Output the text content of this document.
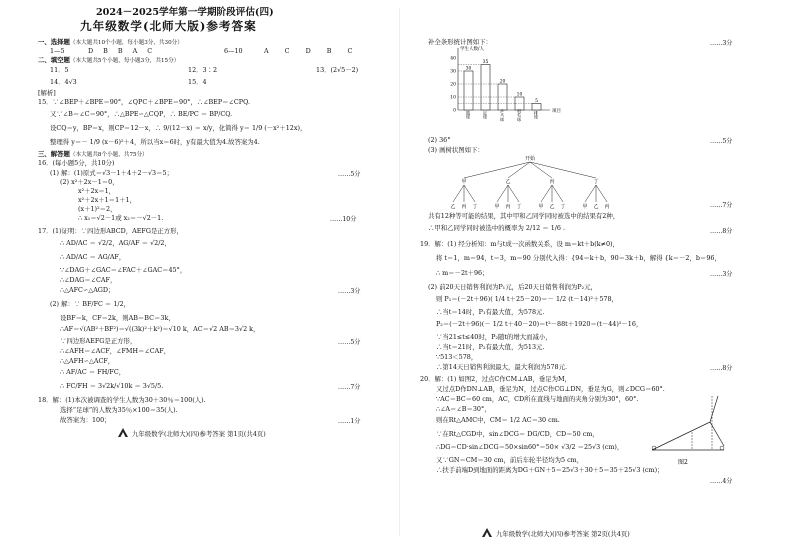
2024－2025学年第一学期阶段评估(四)
九年级数学(北师大版)参考答案
一、选择题（本大题共10个小题，每小题3分，共30分）
1—5	D B B A C	6—10	A C D B C
二、填空题（本大题共5个小题，每小题3分，共15分）
11．5	12．3∶2	13．(2√5－2)
14．4√3	15．4
[解析]
15．∵∠BEP＋∠BPE＝90°，∠QPC＋∠BPE＝90°，∴∠BEP＝∠CPQ.
又∵∠B＝∠C＝90°，∴△BPE∽△CQP，∴ BE/PC ＝ BP/CQ.
设CQ＝y，BP＝x，则CP＝12－x，∴ 9/(12－x) ＝ x/y，化简得 y＝ 1/9 (－x²＋12x)，
整理得 y＝－ 1/9 (x－6)²＋4，所以当x＝6时，y有最大值为4.故答案为4.
三、解答题（本大题共8个小题，共75分）
16．(每小题5分，共10分)
(1) 解：(1)原式＝√3－1＋4＋2－√3＝5；	……5分
(2) x²＋2x－1＝0，
x²＋2x＝1，
x²＋2x＋1＝1＋1，
(x＋1)²＝2，
∴ x₁＝√2－1或 x₂＝－√2－1.	……10分
17．(1)证明：∵四边形ABCD，AEFG是正方形，
∴ AD/AC ＝ √2/2，AG/AF ＝ √2/2，
∴ AD/AC ＝ AG/AF，
∵∠DAG＋∠GAC＝∠FAC＋∠GAC＝45°，
∴∠DAG＝∠CAF，
∴△AFC∽△AGD；	……3分
(2) 解：∵ BF/FC ＝ 1/2，
设BF＝k，CF＝2k，则AB＝BC＝3k，
∴AF＝√(AB²＋BF²)＝√((3k)²＋k²)＝√10 k，AC＝√2 AB＝3√2 k，
∵四边形AEFG是正方形，	……5分
∴∠AFH＝∠ACF，∠FMH＝∠CAF，
∴△AFH∽△ACF，
∴ AF/AC ＝ FH/FC，
∴ FC/FH ＝ 3√2k/√10k ＝ 3√5/5.	……7分
18．解：(1)本次被调查的学生人数为30＋30％＝100(人).
选择“足球”的人数为35％×100＝35(人).
故答案为：100；	……1分
九年级数学(北师大)(四)参考答案 第1页(共4页)
补全条形统计图如下：	……3分
学生人数/人
项目
40
30
20
10
0
30
篮球
35
足球
20
乒乓球
10
羽毛球
5
排球
(2) 36°	……5分
(3) 画树状图如下：
开始
甲
乙 丙 丁
乙
甲 丙 丁
丙
甲 乙 丁
丁
甲 乙 丙	……7分
共有12种等可能的结果，其中甲和乙同学同时被选中的结果有2种，
∴甲和乙同学同时被选中的概率为 2/12 ＝ 1/6 .	……8分
19．解：(1) 经分析知：m与t成一次函数关系，设 m＝kt＋b(k≠0)，
将 t＝1，m＝94，t＝3，m＝90 分别代入得：{94＝k＋b，90＝3k＋b，解得 {k＝－2，b＝96，
∴ m＝－2t＋96；	……3分
(2) 前20天日销售利润为P₁元，后20天日销售利润为P₂元，
则 P₁＝(－2t＋96)( 1/4 t＋25－20)＝－ 1/2 (t－14)²＋578，
∴当t＝14时，P₁有最大值，为578元.
P₂＝(－2t＋96)(－ 1/2 t＋40－20)＝t²－88t＋1920＝(t－44)²－16，
∵当21≤t≤40时，P₂随t的增大而减小，
∴当t＝21时，P₂有最大值，为513元.
∵513＜578，
∴第14天日销售利润最大，最大利润为578元.	……8分
20．解：(1) 如图2，过点C作CM⊥AB，垂足为M，
又过点D作DN⊥AB，垂足为N，过点C作CG⊥DN，垂足为G，则∠DCG＝60°.
∵AC＝BC＝60 cm，AC，CD所在直线与地面的夹角分别为30°，60°.
∴∠A＝∠B＝30°，
则在Rt△AMC中，CM＝ 1/2 AC＝30 cm.
∵在Rt△CGD中，sin∠DCG＝ DG/CD，CD＝50 cm，
∴DG＝CD·sin∠DCG＝50×sin60°＝50× √3/2 ＝25√3 (cm)，
又∵GN＝CM＝30 cm，前后车轮半径均为5 cm，
∴扶手前端D到地面的距离为DG＋GN＋5＝25√3＋30＋5＝35＋25√3 (cm)；
……4分
图2
九年级数学(北师大)(四)参考答案 第2页(共4页)
